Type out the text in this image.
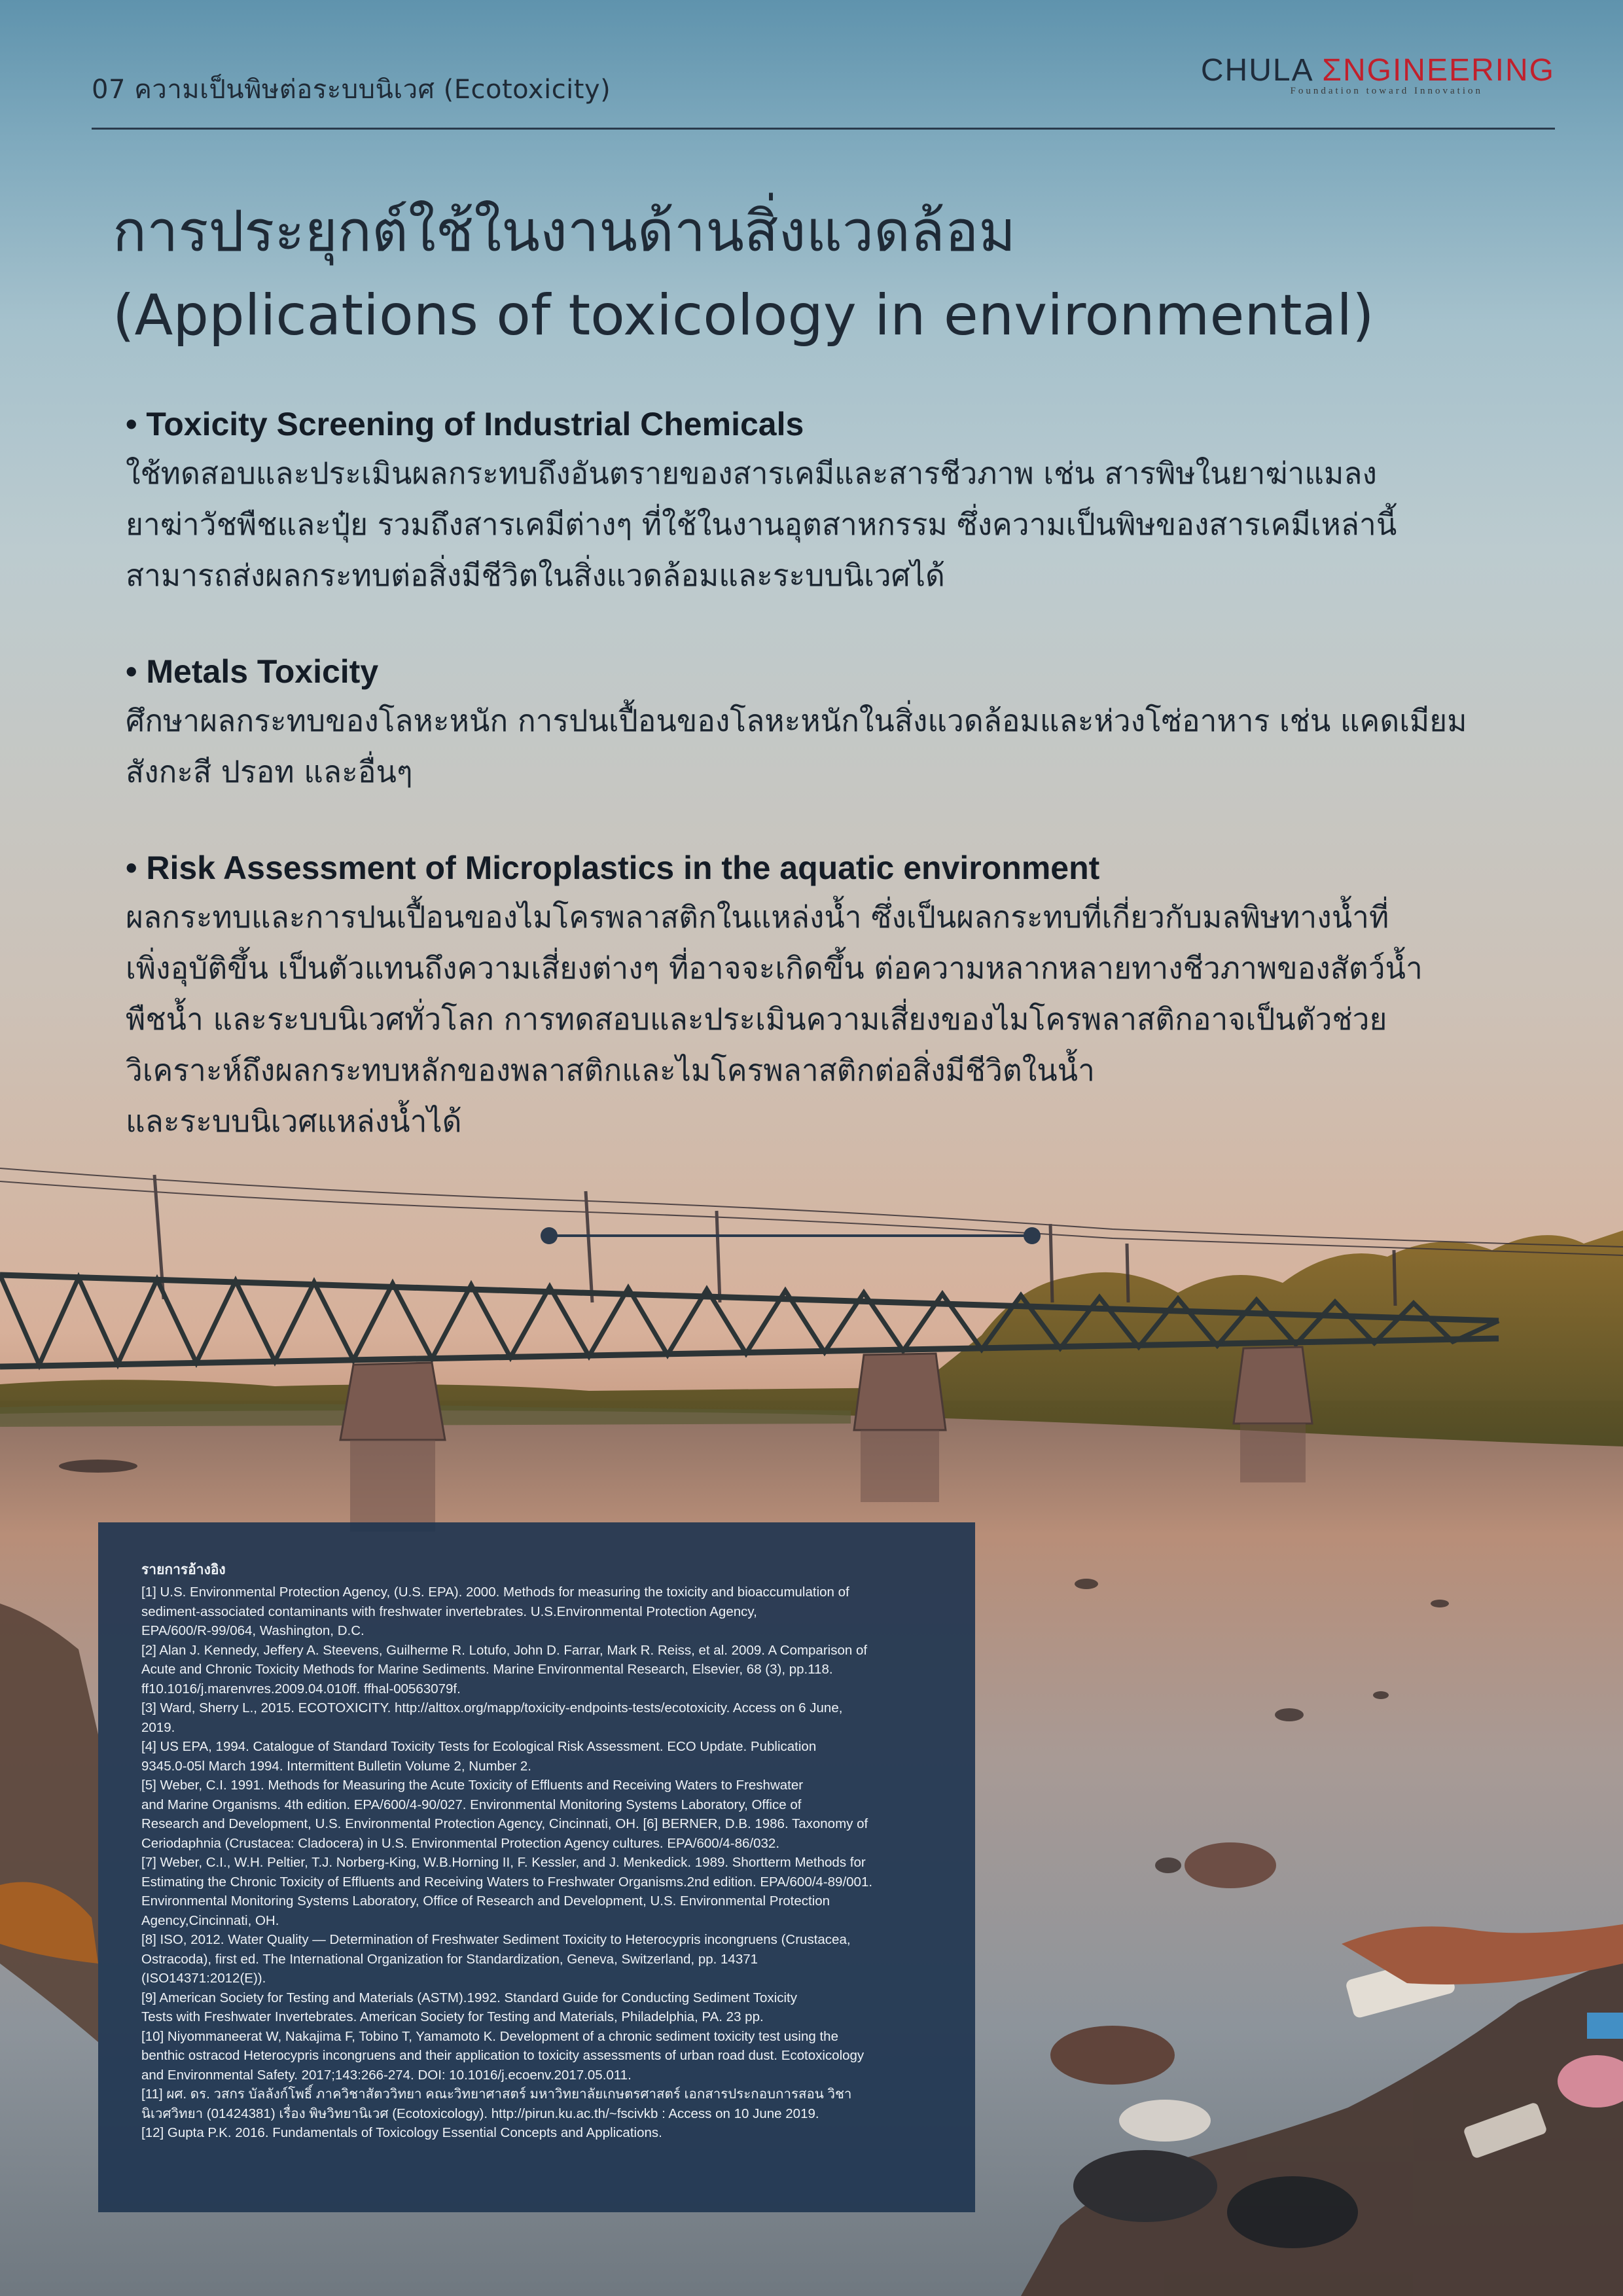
07 ความเป็นพิษต่อระบบนิเวศ (Ecotoxicity)
CHULA ΣNGINEERING
Foundation toward Innovation
การประยุกต์ใช้ในงานด้านสิ่งแวดล้อม
(Applications of toxicology in environmental)
• Toxicity Screening of Industrial Chemicals
ใช้ทดสอบและประเมินผลกระทบถึงอันตรายของสารเคมีและสารชีวภาพ เช่น สารพิษในยาฆ่าแมลง
ยาฆ่าวัชพืชและปุ๋ย รวมถึงสารเคมีต่างๆ ที่ใช้ในงานอุตสาหกรรม ซึ่งความเป็นพิษของสารเคมีเหล่านี้
สามารถส่งผลกระทบต่อสิ่งมีชีวิตในสิ่งแวดล้อมและระบบนิเวศได้
• Metals Toxicity
ศึกษาผลกระทบของโลหะหนัก การปนเปื้อนของโลหะหนักในสิ่งแวดล้อมและห่วงโซ่อาหาร เช่น แคดเมียม
สังกะสี ปรอท และอื่นๆ
• Risk Assessment of Microplastics in the aquatic environment
ผลกระทบและการปนเปื้อนของไมโครพลาสติกในแหล่งน้ำ ซึ่งเป็นผลกระทบที่เกี่ยวกับมลพิษทางน้ำที่
เพิ่งอุบัติขึ้น เป็นตัวแทนถึงความเสี่ยงต่างๆ ที่อาจจะเกิดขึ้น ต่อความหลากหลายทางชีวภาพของสัตว์น้ำ
พืชน้ำ และระบบนิเวศทั่วโลก การทดสอบและประเมินความเสี่ยงของไมโครพลาสติกอาจเป็นตัวช่วย
วิเคราะห์ถึงผลกระทบหลักของพลาสติกและไมโครพลาสติกต่อสิ่งมีชีวิตในน้ำ
และระบบนิเวศแหล่งน้ำได้
รายการอ้างอิง
[1] U.S. Environmental Protection Agency, (U.S. EPA). 2000. Methods for measuring the toxicity and bioaccumulation of
sediment-associated contaminants with freshwater invertebrates. U.S.Environmental Protection Agency,
EPA/600/R-99/064, Washington, D.C.
[2] Alan J. Kennedy, Jeffery A. Steevens, Guilherme R. Lotufo, John D. Farrar, Mark R. Reiss, et al. 2009. A Comparison of
Acute and Chronic Toxicity Methods for Marine Sediments. Marine Environmental Research, Elsevier, 68 (3), pp.118.
ff10.1016/j.marenvres.2009.04.010ff. ffhal-00563079f.
[3] Ward, Sherry L., 2015. ECOTOXICITY. http://alttox.org/mapp/toxicity-endpoints-tests/ecotoxicity. Access on 6 June,
2019.
[4] US EPA, 1994. Catalogue of Standard Toxicity Tests for Ecological Risk Assessment. ECO Update. Publication
9345.0-05l March 1994. Intermittent Bulletin Volume 2, Number 2.
[5] Weber, C.I. 1991. Methods for Measuring the Acute Toxicity of Effluents and Receiving Waters to Freshwater
and Marine Organisms. 4th edition. EPA/600/4-90/027. Environmental Monitoring Systems Laboratory, Office of
Research and Development, U.S. Environmental Protection Agency, Cincinnati, OH. [6] BERNER, D.B. 1986. Taxonomy of
Ceriodaphnia (Crustacea: Cladocera) in U.S. Environmental Protection Agency cultures. EPA/600/4-86/032.
[7] Weber, C.I., W.H. Peltier, T.J. Norberg-King, W.B.Horning II, F. Kessler, and J. Menkedick. 1989. Shortterm Methods for
Estimating the Chronic Toxicity of Effluents and Receiving Waters to Freshwater Organisms.2nd edition. EPA/600/4-89/001.
Environmental Monitoring Systems Laboratory, Office of Research and Development, U.S. Environmental Protection
Agency,Cincinnati, OH.
[8] ISO, 2012. Water Quality — Determination of Freshwater Sediment Toxicity to Heterocypris incongruens (Crustacea,
Ostracoda), first ed. The International Organization for Standardization, Geneva, Switzerland, pp. 14371
(ISO14371:2012(E)).
[9] American Society for Testing and Materials (ASTM).1992. Standard Guide for Conducting Sediment Toxicity
Tests with Freshwater Invertebrates. American Society for Testing and Materials, Philadelphia, PA. 23 pp.
[10] Niyommaneerat W, Nakajima F, Tobino T, Yamamoto K. Development of a chronic sediment toxicity test using the
benthic ostracod Heterocypris incongruens and their application to toxicity assessments of urban road dust. Ecotoxicology
and Environmental Safety. 2017;143:266-274. DOI: 10.1016/j.ecoenv.2017.05.011.
[11] ผศ. ดร. วสกร บัลลังก์โพธิ์ ภาควิชาสัตววิทยา คณะวิทยาศาสตร์ มหาวิทยาลัยเกษตรศาสตร์ เอกสารประกอบการสอน วิชา
นิเวศวิทยา (01424381) เรื่อง พิษวิทยานิเวศ (Ecotoxicology). http://pirun.ku.ac.th/~fscivkb : Access on 10 June 2019.
[12] Gupta P.K. 2016. Fundamentals of Toxicology Essential Concepts and Applications.
